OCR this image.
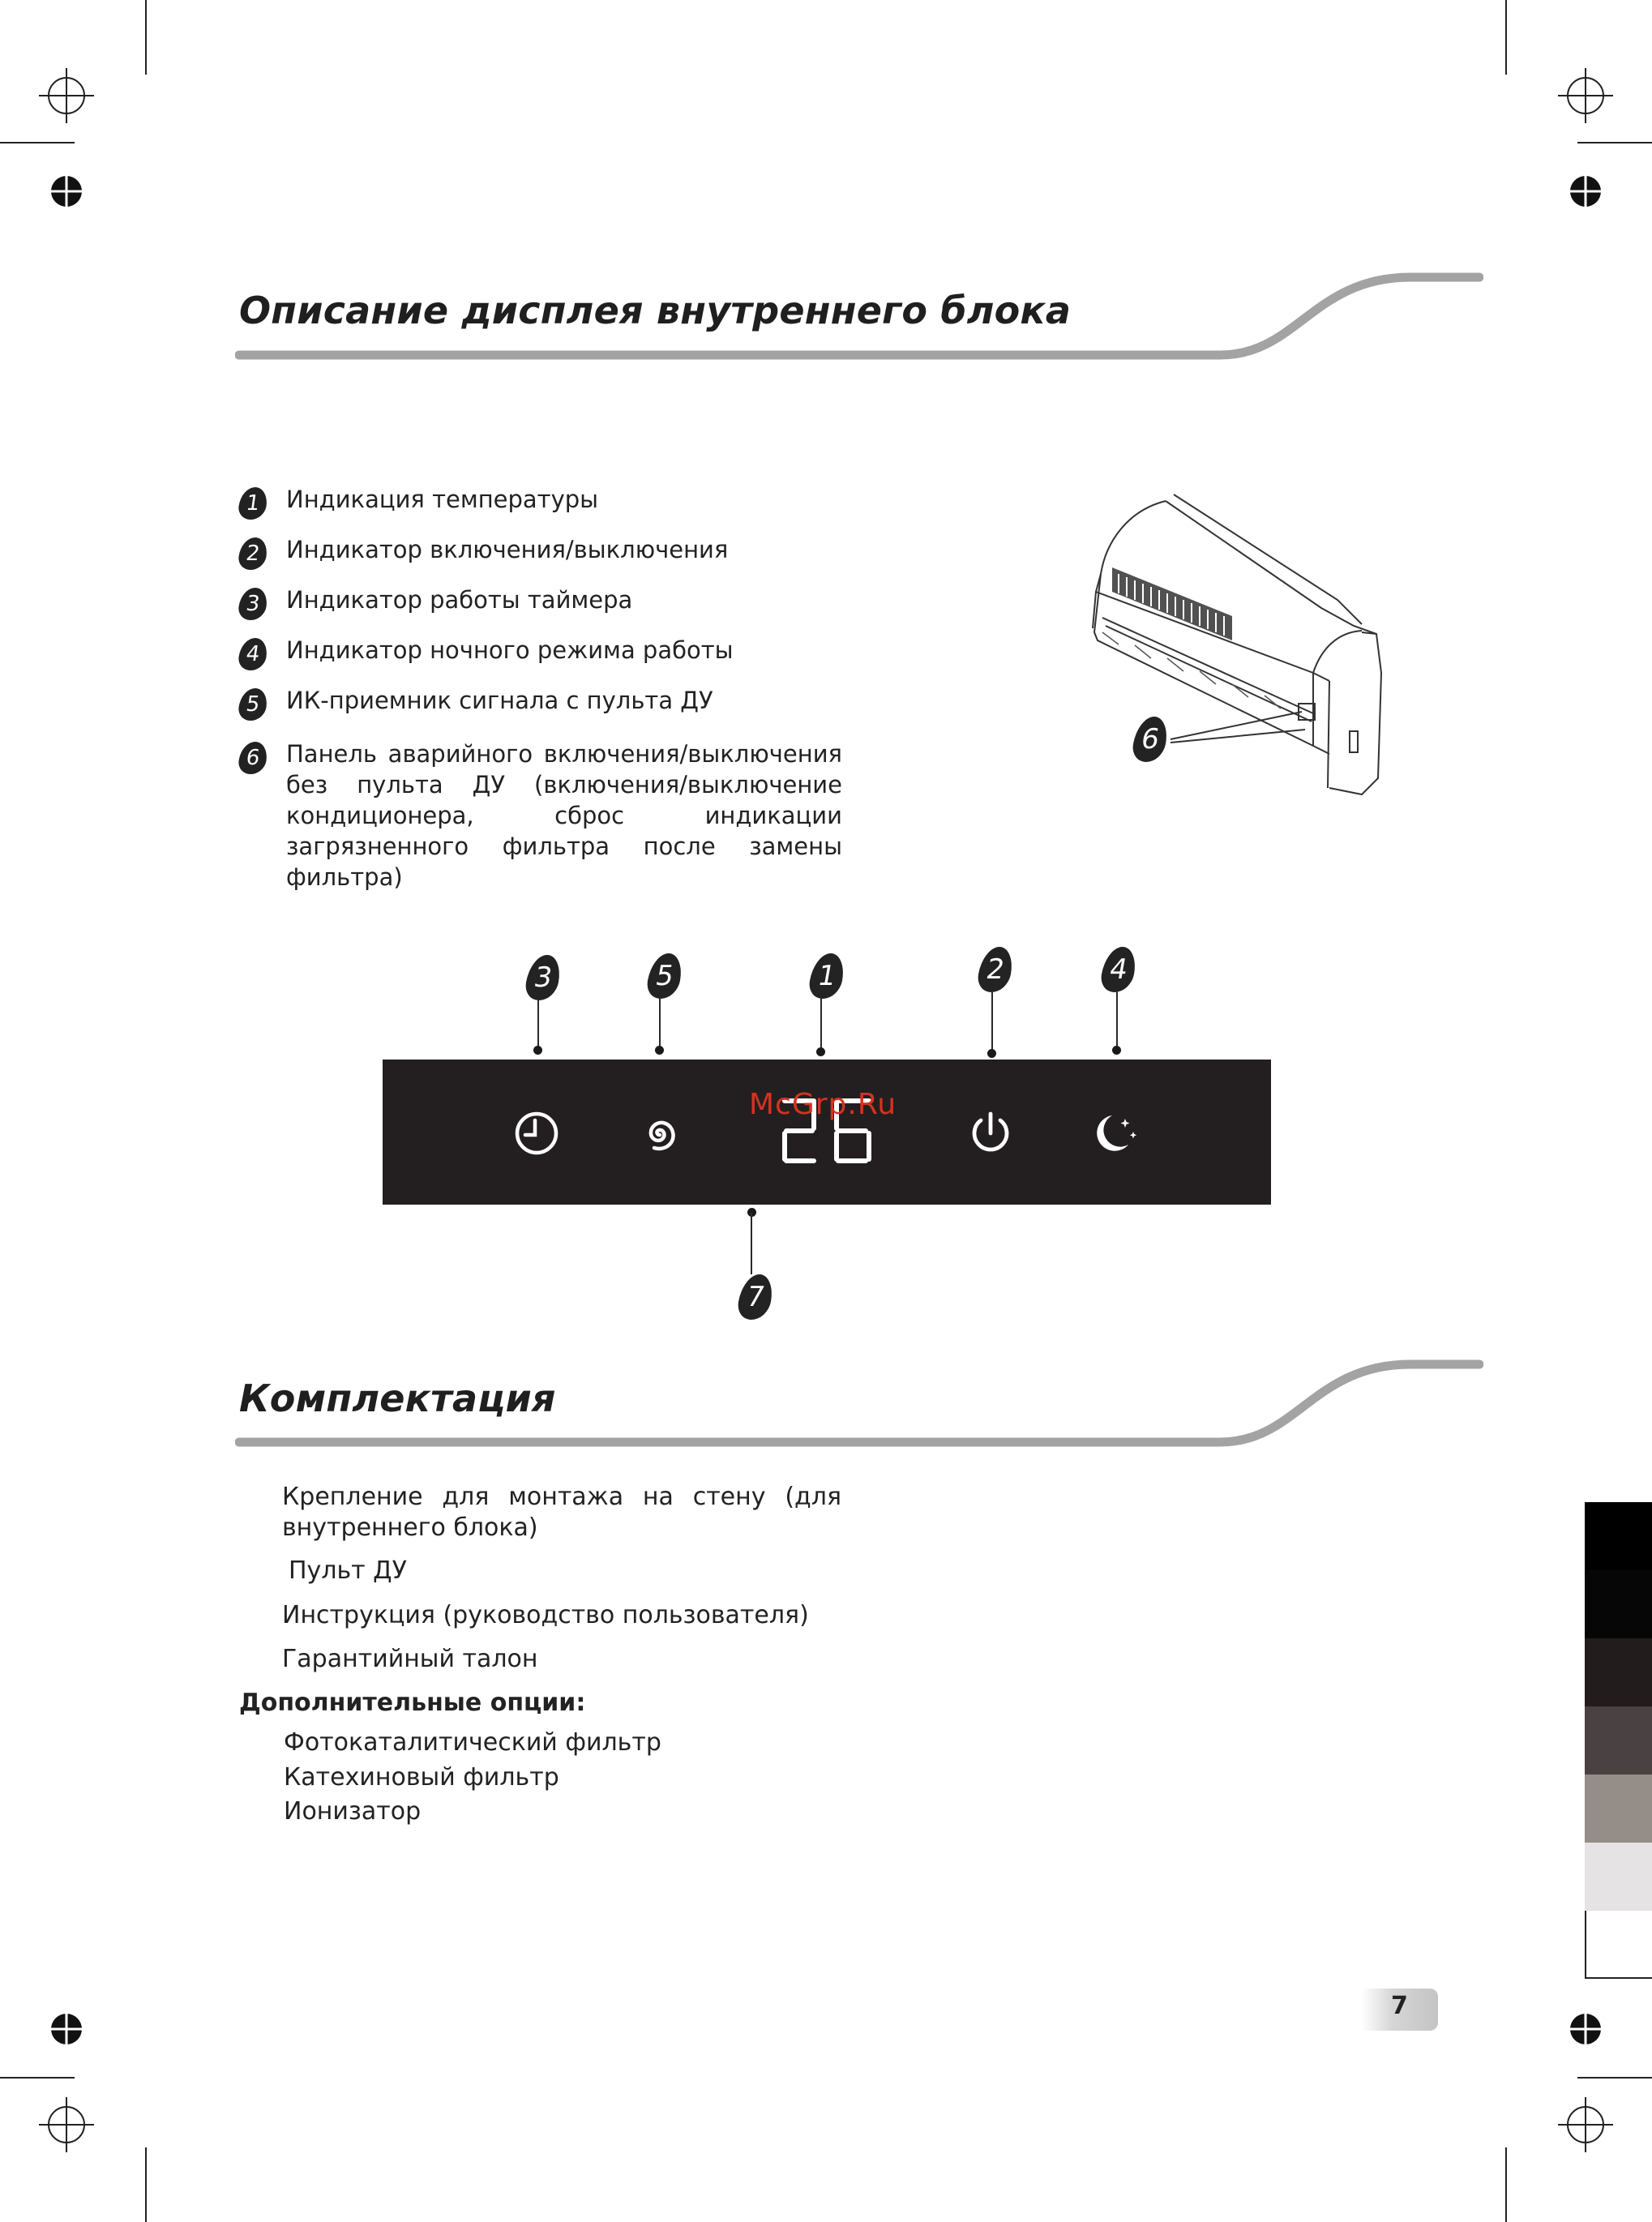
Описание дисплея внутреннего блока
1	Индикация температуры
2	Индикатор включения/выключения
3	Индикатор работы таймера
4	Индикатор ночного режима работы
5	ИК-приемник сигнала с пульта ДУ
6	Панель аварийного включения/выключения без пульта ДУ (включения/выключение кондиционера, сброс индикации загрязненного фильтра после замены фильтра)
6
3	5	1	2	4
McGrp.Ru
7
Комплектация
Крепление для монтажа на стену (для внутреннего блока)
Пульт ДУ
Инструкция (руководство пользователя)
Гарантийный талон
Дополнительные опции:
Фотокаталитический фильтр
Катехиновый фильтр
Ионизатор
7
